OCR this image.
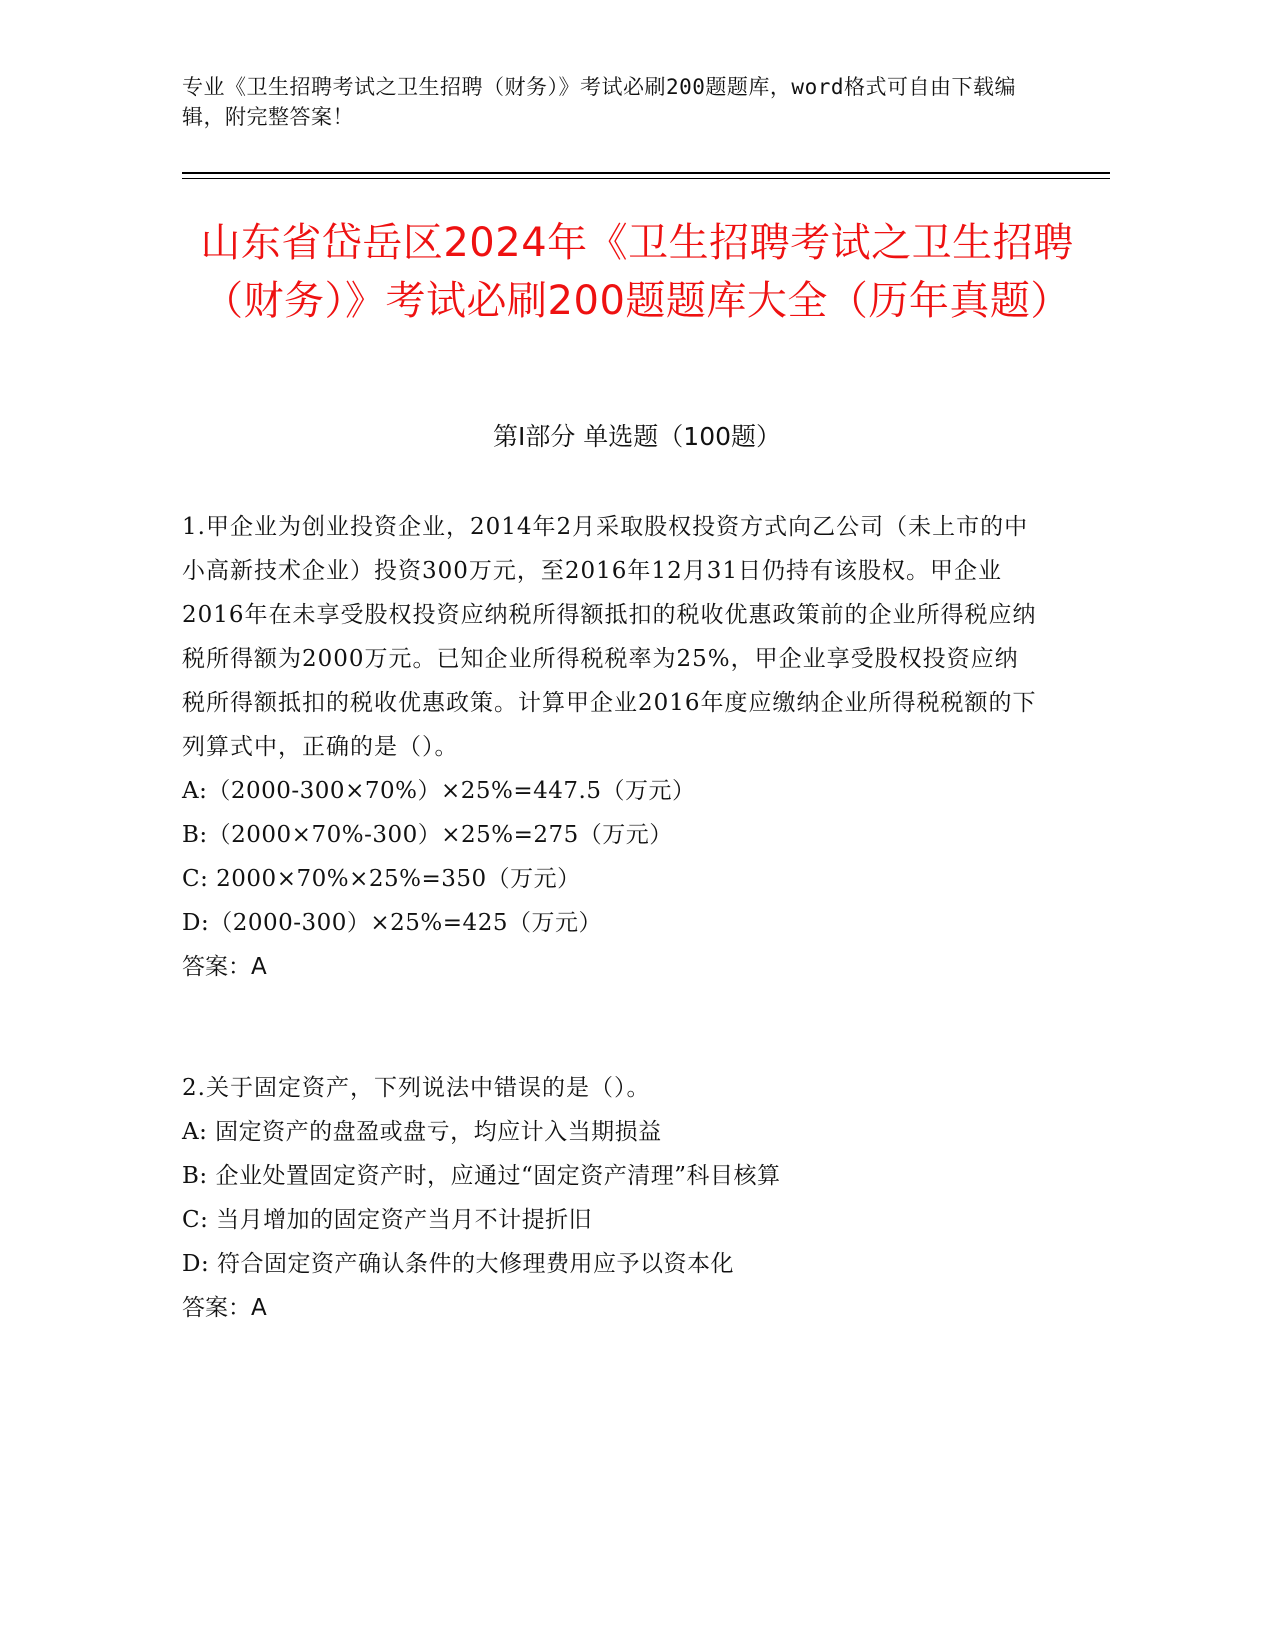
专业《卫生招聘考试之卫生招聘（财务）》考试必刷200题题库，word格式可自由下载编辑，附完整答案！
山东省岱岳区2024年《卫生招聘考试之卫生招聘（财务）》考试必刷200题题库大全（历年真题）
第Ⅰ部分 单选题（100题）
1.甲企业为创业投资企业，2014年2月采取股权投资方式向乙公司（未上市的中小高新技术企业）投资300万元，至2016年12月31日仍持有该股权。甲企业2016年在未享受股权投资应纳税所得额抵扣的税收优惠政策前的企业所得税应纳税所得额为2000万元。已知企业所得税税率为25%，甲企业享受股权投资应纳税所得额抵扣的税收优惠政策。计算甲企业2016年度应缴纳企业所得税税额的下列算式中，正确的是（）。
A:（2000-300×70%）×25%=447.5（万元）
B:（2000×70%-300）×25%=275（万元）
C: 2000×70%×25%=350（万元）
D:（2000-300）×25%=425（万元）
答案：A
2.关于固定资产，下列说法中错误的是（）。
A: 固定资产的盘盈或盘亏，均应计入当期损益
B: 企业处置固定资产时，应通过“固定资产清理”科目核算
C: 当月增加的固定资产当月不计提折旧
D: 符合固定资产确认条件的大修理费用应予以资本化
答案：A
